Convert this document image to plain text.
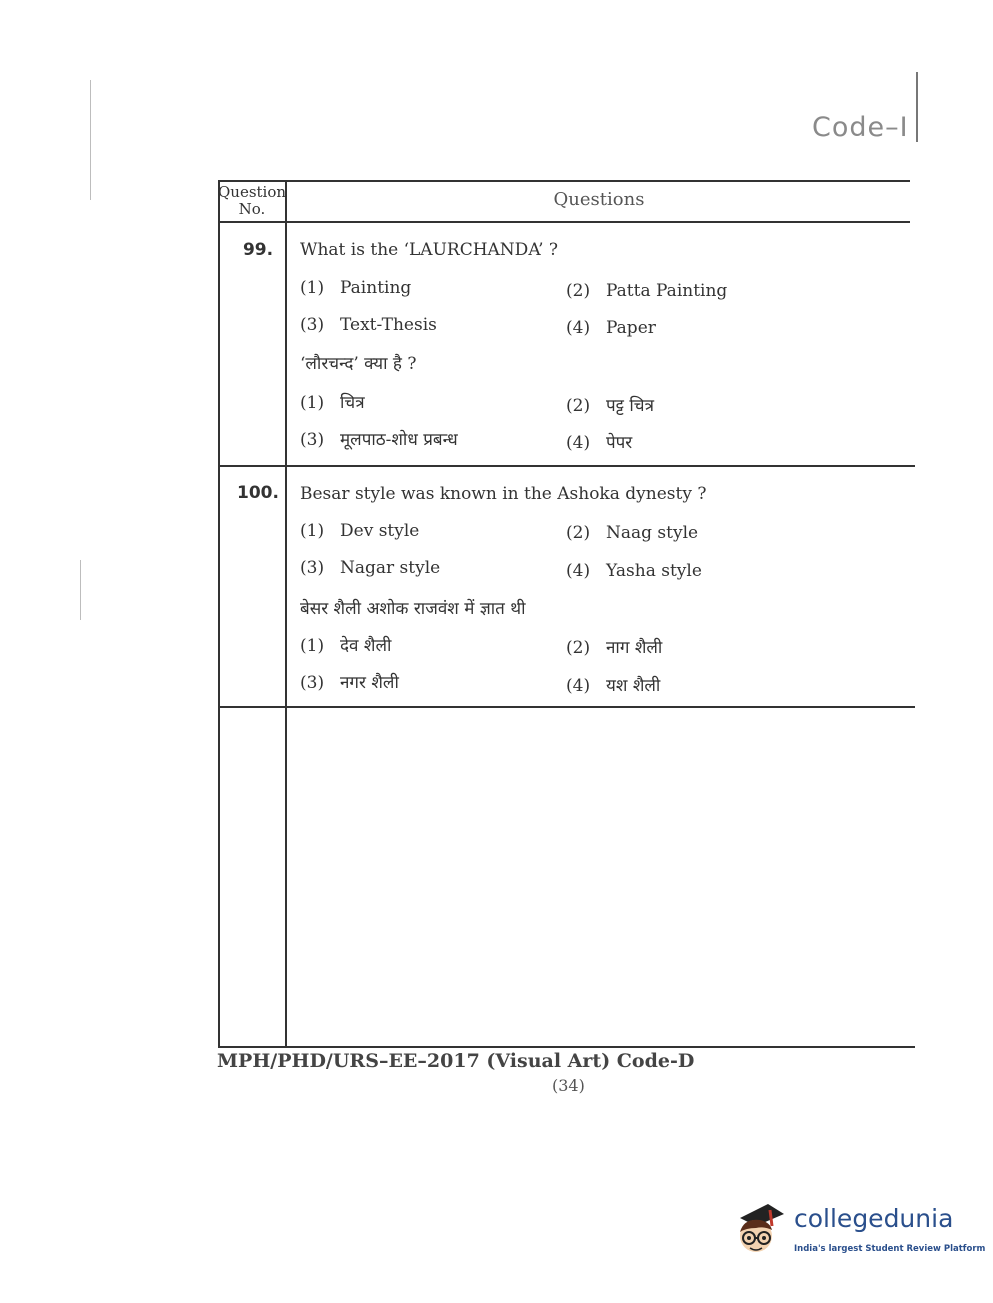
Code–I
Question
No.	Questions
99.	What is the ‘LAURCHANDA’ ?
(1) Painting	(2) Patta Painting
(3) Text-Thesis	(4) Paper
‘लौरचन्द’ क्या है ?
(1) चित्र	(2) पट्ट चित्र
(3) मूलपाठ-शोध प्रबन्ध	(4) पेपर
100.	Besar style was known in the Ashoka dynesty ?
(1) Dev style	(2) Naag style
(3) Nagar style	(4) Yasha style
बेसर शैली अशोक राजवंश में ज्ञात थी
(1) देव शैली	(2) नाग शैली
(3) नगर शैली	(4) यश शैली
MPH/PHD/URS–EE–2017 (Visual Art) Code-D
(34)
collegedunia
India's largest Student Review Platform
